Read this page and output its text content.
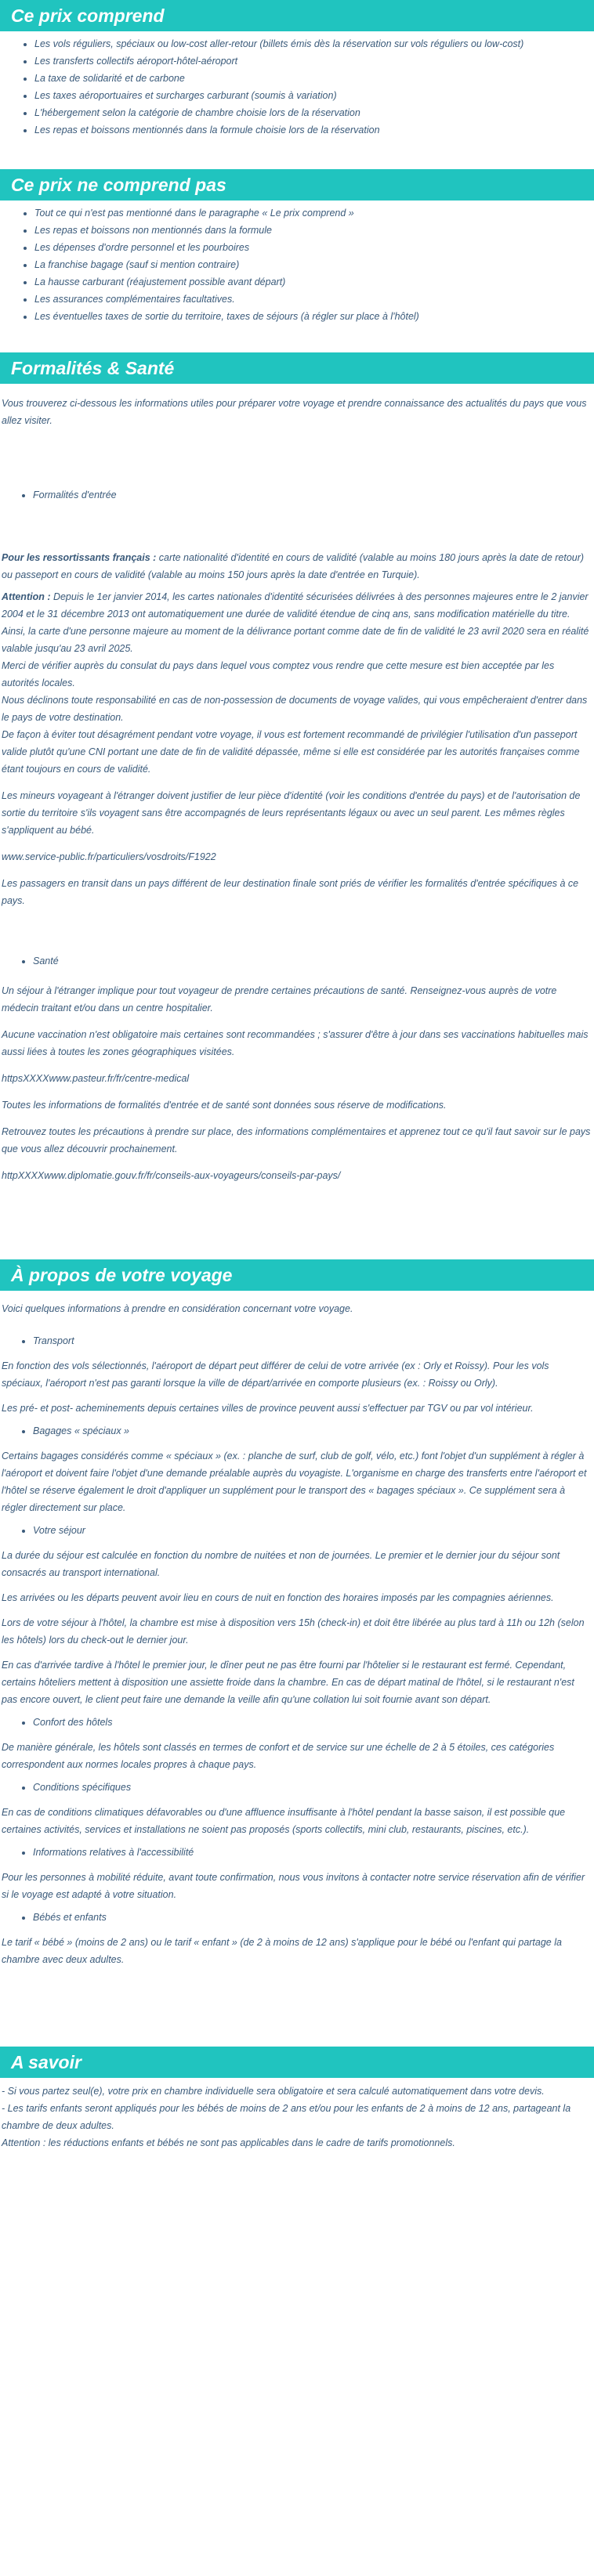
Ce prix comprend
• Les vols réguliers, spéciaux ou low-cost aller-retour (billets émis dès la réservation sur vols réguliers ou low-cost)
• Les transferts collectifs aéroport-hôtel-aéroport
• La taxe de solidarité et de carbone
• Les taxes aéroportuaires et surcharges carburant (soumis à variation)
• L'hébergement selon la catégorie de chambre choisie lors de la réservation
• Les repas et boissons mentionnés dans la formule choisie lors de la réservation
Ce prix ne comprend pas
• Tout ce qui n'est pas mentionné dans le paragraphe « Le prix comprend »
• Les repas et boissons non mentionnés dans la formule
• Les dépenses d'ordre personnel et les pourboires
• La franchise bagage (sauf si mention contraire)
• La hausse carburant (réajustement possible avant départ)
• Les assurances complémentaires facultatives.
• Les éventuelles taxes de sortie du territoire, taxes de séjours (à régler sur place à l'hôtel)
Formalités & Santé

Vous trouverez ci-dessous les informations utiles pour préparer votre voyage et prendre connaissance des actualités du pays que vous allez visiter.

• Formalités d'entrée

Pour les ressortissants français : carte nationalité d'identité en cours de validité (valable au moins 180 jours après la date de retour) ou passeport en cours de validité (valable au moins 150 jours après la date d'entrée en Turquie).

Attention : Depuis le 1er janvier 2014, les cartes nationales d'identité sécurisées délivrées à des personnes majeures entre le 2 janvier 2004 et le 31 décembre 2013 ont automatiquement une durée de validité étendue de cinq ans, sans modification matérielle du titre. Ainsi, la carte d'une personne majeure au moment de la délivrance portant comme date de fin de validité le 23 avril 2020 sera en réalité valable jusqu'au 23 avril 2025.

Merci de vérifier auprès du consulat du pays dans lequel vous comptez vous rendre que cette mesure est bien acceptée par les autorités locales.

Nous déclinons toute responsabilité en cas de non-possession de documents de voyage valides, qui vous empêcheraient d'entrer dans le pays de votre destination.

De façon à éviter tout désagrément pendant votre voyage, il vous est fortement recommandé de privilégier l'utilisation d'un passeport valide plutôt qu'une CNI portant une date de fin de validité dépassée, même si elle est considérée par les autorités françaises comme étant toujours en cours de validité.

Les mineurs voyageant à l'étranger doivent justifier de leur pièce d'identité (voir les conditions d'entrée du pays) et de l'autorisation de sortie du territoire s'ils voyagent sans être accompagnés de leurs représentants légaux ou avec un seul parent. Les mêmes règles s'appliquent au bébé.

www.service-public.fr/particuliers/vosdroits/F1922

Les passagers en transit dans un pays différent de leur destination finale sont priés de vérifier les formalités d'entrée spécifiques à ce pays.

• Santé

Un séjour à l'étranger implique pour tout voyageur de prendre certaines précautions de santé. Renseignez-vous auprès de votre médecin traitant et/ou dans un centre hospitalier.

Aucune vaccination n'est obligatoire mais certaines sont recommandées ; s'assurer d'être à jour dans ses vaccinations habituelles mais aussi liées à toutes les zones géographiques visitées.

httpsXXXXwww.pasteur.fr/fr/centre-medical

Toutes les informations de formalités d'entrée et de santé sont données sous réserve de modifications.

Retrouvez toutes les précautions à prendre sur place, des informations complémentaires et apprenez tout ce qu'il faut savoir sur le pays que vous allez découvrir prochainement.

httpXXXXwww.diplomatie.gouv.fr/fr/conseils-aux-voyageurs/conseils-par-pays/

À propos de votre voyage

Voici quelques informations à prendre en considération concernant votre voyage.

• Transport

En fonction des vols sélectionnés, l'aéroport de départ peut différer de celui de votre arrivée (ex : Orly et Roissy). Pour les vols spéciaux, l'aéroport n'est pas garanti lorsque la ville de départ/arrivée en comporte plusieurs (ex. : Roissy ou Orly).

Les pré- et post- acheminements depuis certaines villes de province peuvent aussi s'effectuer par TGV ou par vol intérieur.

• Bagages « spéciaux »

Certains bagages considérés comme « spéciaux » (ex. : planche de surf, club de golf, vélo, etc.) font l'objet d'un supplément à régler à l'aéroport et doivent faire l'objet d'une demande préalable auprès du voyagiste. L'organisme en charge des transferts entre l'aéroport et l'hôtel se réserve également le droit d'appliquer un supplément pour le transport des « bagages spéciaux ». Ce supplément sera à régler directement sur place.

• Votre séjour

La durée du séjour est calculée en fonction du nombre de nuitées et non de journées. Le premier et le dernier jour du séjour sont consacrés au transport international.

Les arrivées ou les départs peuvent avoir lieu en cours de nuit en fonction des horaires imposés par les compagnies aériennes.

Lors de votre séjour à l'hôtel, la chambre est mise à disposition vers 15h (check-in) et doit être libérée au plus tard à 11h ou 12h (selon les hôtels) lors du check-out le dernier jour.

En cas d'arrivée tardive à l'hôtel le premier jour, le dîner peut ne pas être fourni par l'hôtelier si le restaurant est fermé. Cependant, certains hôteliers mettent à disposition une assiette froide dans la chambre. En cas de départ matinal de l'hôtel, si le restaurant n'est pas encore ouvert, le client peut faire une demande la veille afin qu'une collation lui soit fournie avant son départ.

• Confort des hôtels

De manière générale, les hôtels sont classés en termes de confort et de service sur une échelle de 2 à 5 étoiles, ces catégories correspondent aux normes locales propres à chaque pays.

• Conditions spécifiques

En cas de conditions climatiques défavorables ou d'une affluence insuffisante à l'hôtel pendant la basse saison, il est possible que certaines activités, services et installations ne soient pas proposés (sports collectifs, mini club, restaurants, piscines, etc.).

• Informations relatives à l'accessibilité

Pour les personnes à mobilité réduite, avant toute confirmation, nous vous invitons à contacter notre service réservation afin de vérifier si le voyage est adapté à votre situation.

• Bébés et enfants

Le tarif « bébé » (moins de 2 ans) ou le tarif « enfant » (de 2 à moins de 12 ans) s'applique pour le bébé ou l'enfant qui partage la chambre avec deux adultes.

A savoir

- Si vous partez seul(e), votre prix en chambre individuelle sera obligatoire et sera calculé automatiquement dans votre devis.

- Les tarifs enfants seront appliqués pour les bébés de moins de 2 ans et/ou pour les enfants de 2 à moins de 12 ans, partageant la chambre de deux adultes.

Attention : les réductions enfants et bébés ne sont pas applicables dans le cadre de tarifs promotionnels.
